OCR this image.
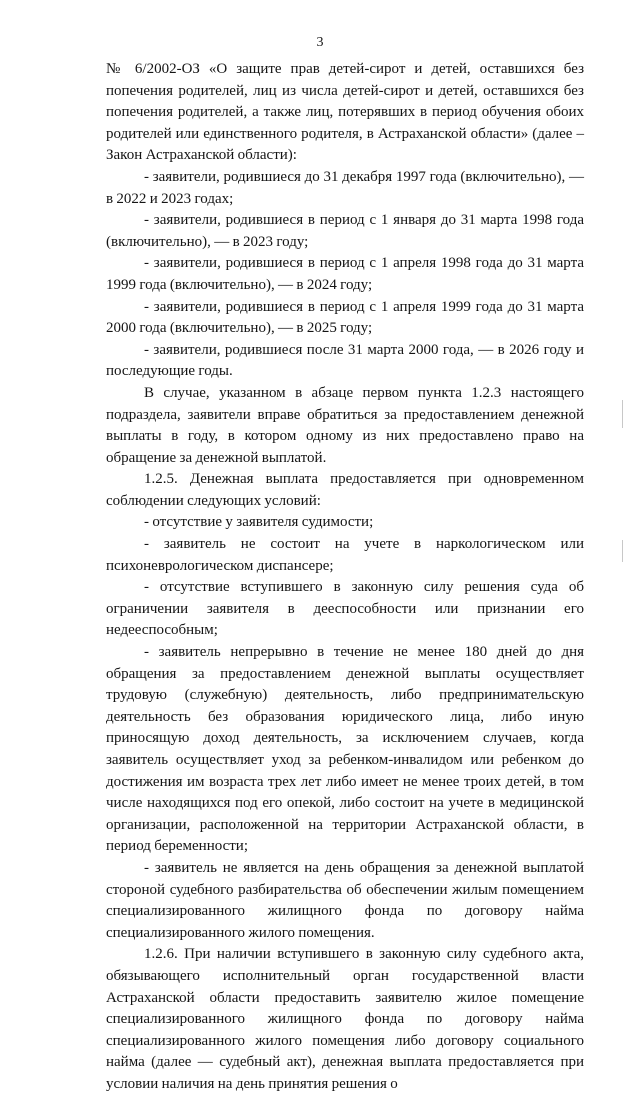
3

№ 6/2002-ОЗ «О защите прав детей-сирот и детей, оставшихся без попечения родителей, лиц из числа детей-сирот и детей, оставшихся без попечения родителей, а также лиц, потерявших в период обучения обоих родителей или единственного родителя, в Астраханской области» (далее – Закон Астраханской области):

- заявители, родившиеся до 31 декабря 1997 года (включительно), — в 2022 и 2023 годах;

- заявители, родившиеся в период с 1 января до 31 марта 1998 года (включительно), — в 2023 году;

- заявители, родившиеся в период с 1 апреля 1998 года до 31 марта 1999 года (включительно), — в 2024 году;

- заявители, родившиеся в период с 1 апреля 1999 года до 31 марта 2000 года (включительно), — в 2025 году;

- заявители, родившиеся после 31 марта 2000 года, — в 2026 году и последующие годы.

В случае, указанном в абзаце первом пункта 1.2.3 настоящего подраздела, заявители вправе обратиться за предоставлением денежной выплаты в году, в котором одному из них предоставлено право на обращение за денежной выплатой.

1.2.5. Денежная выплата предоставляется при одновременном соблюдении следующих условий:

- отсутствие у заявителя судимости;

- заявитель не состоит на учете в наркологическом или психоневрологическом диспансере;

- отсутствие вступившего в законную силу решения суда об ограничении заявителя в дееспособности или признании его недееспособным;

- заявитель непрерывно в течение не менее 180 дней до дня обращения за предоставлением денежной выплаты осуществляет трудовую (служебную) деятельность, либо предпринимательскую деятельность без образования юридического лица, либо иную приносящую доход деятельность, за исключением случаев, когда заявитель осуществляет уход за ребенком-инвалидом или ребенком до достижения им возраста трех лет либо имеет не менее троих детей, в том числе находящихся под его опекой, либо состоит на учете в медицинской организации, расположенной на территории Астраханской области, в период беременности;

- заявитель не является на день обращения за денежной выплатой стороной судебного разбирательства об обеспечении жилым помещением специализированного жилищного фонда по договору найма специализированного жилого помещения.

1.2.6. При наличии вступившего в законную силу судебного акта, обязывающего исполнительный орган государственной власти Астраханской области предоставить заявителю жилое помещение специализированного жилищного фонда по договору найма специализированного жилого помещения либо договору социального найма (далее — судебный акт), денежная выплата предоставляется при условии наличия на день принятия решения о
